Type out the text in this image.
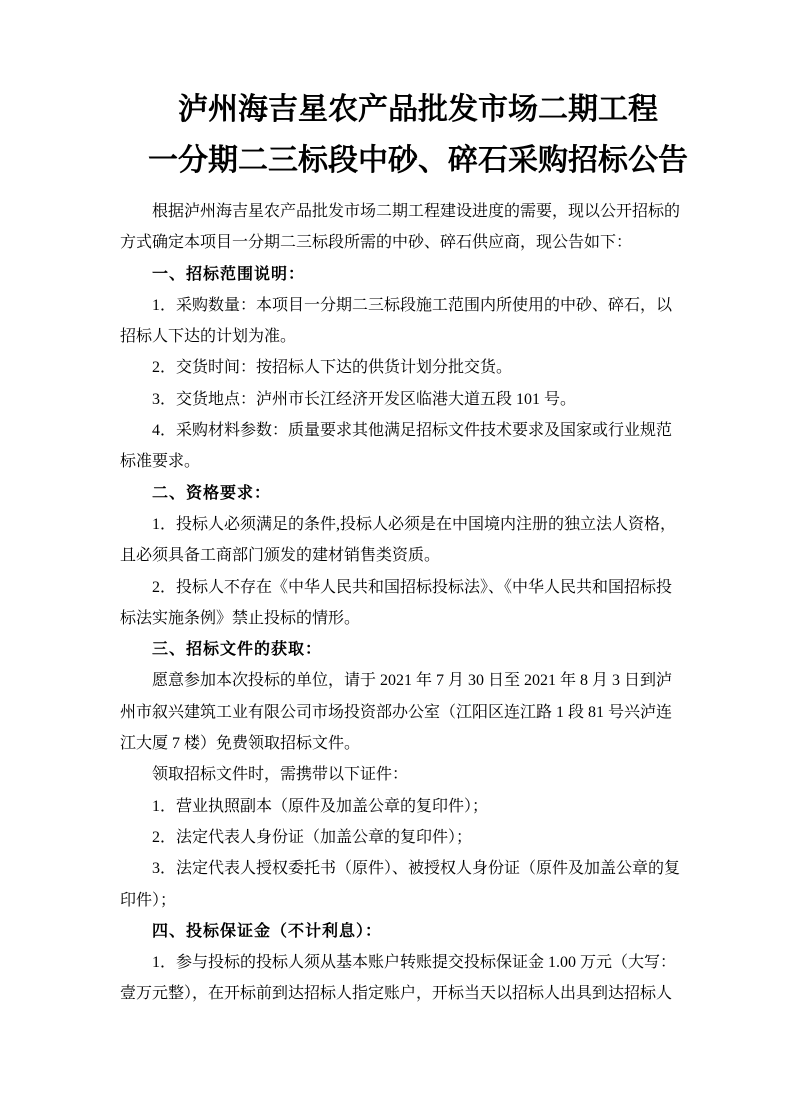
泸州海吉星农产品批发市场二期工程
一分期二三标段中砂、碎石采购招标公告
根据泸州海吉星农产品批发市场二期工程建设进度的需要，现以公开招标的
方式确定本项目一分期二三标段所需的中砂、碎石供应商，现公告如下：
一、招标范围说明：
1．采购数量：本项目一分期二三标段施工范围内所使用的中砂、碎石，以
招标人下达的计划为准。
2．交货时间：按招标人下达的供货计划分批交货。
3．交货地点：泸州市长江经济开发区临港大道五段 101 号。
4．采购材料参数：质量要求其他满足招标文件技术要求及国家或行业规范
标准要求。
二、资格要求：
1．投标人必须满足的条件,投标人必须是在中国境内注册的独立法人资格，
且必须具备工商部门颁发的建材销售类资质。
2．投标人不存在《中华人民共和国招标投标法》、《中华人民共和国招标投
标法实施条例》禁止投标的情形。
三、招标文件的获取：
愿意参加本次投标的单位，请于 2021 年 7 月 30 日至 2021 年 8 月 3 日到泸
州市叙兴建筑工业有限公司市场投资部办公室（江阳区连江路 1 段 81 号兴泸连
江大厦 7 楼）免费领取招标文件。
领取招标文件时，需携带以下证件：
1．营业执照副本（原件及加盖公章的复印件）；
2．法定代表人身份证（加盖公章的复印件）；
3．法定代表人授权委托书（原件）、被授权人身份证（原件及加盖公章的复
印件）；
四、投标保证金（不计利息）：
1．参与投标的投标人须从基本账户转账提交投标保证金 1.00 万元（大写：
壹万元整），在开标前到达招标人指定账户，开标当天以招标人出具到达招标人
